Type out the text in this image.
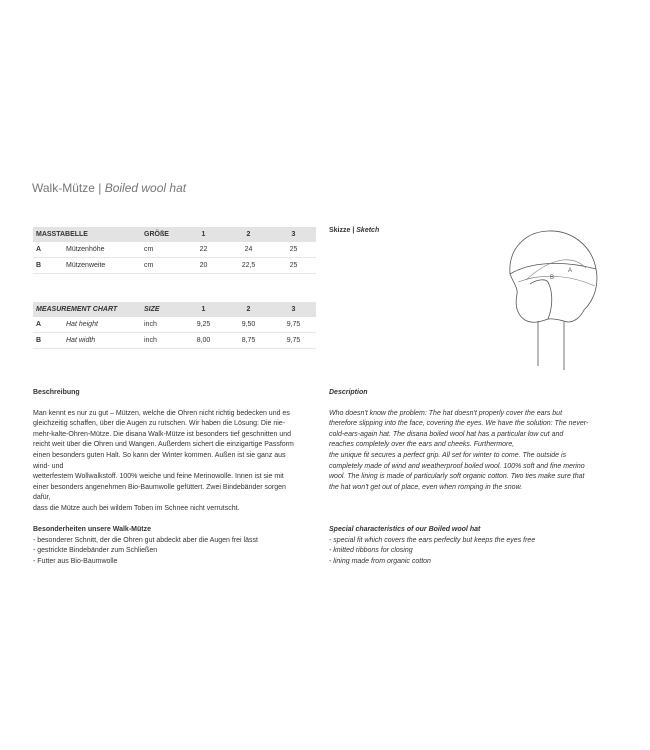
Walk-Mütze | Boiled wool hat
MASSTABELLE		GRÖßE	1	2	3
A	Mützenhöhe	cm	22	24	25
B	Mützenweite	cm	20	22,5	25
MEASUREMENT CHART		SIZE	1	2	3
A	Hat height	inch	9,25	9,50	9,75
B	Hat width	inch	8,00	8,75	9,75
Skizze | Sketch
A
B
Beschreibung
Man kennt es nur zu gut – Mützen, welche die Ohren nicht richtig bedecken und es
gleichzeitig schaffen, über die Augen zu rutschen. Wir haben die Lösung: Die nie-
mehr-kalte-Ohren-Mütze. Die disana Walk-Mütze ist besonders tief geschnitten und
reicht weit über die Ohren und Wangen. Außerdem sichert die einzigartige Passform
einen besonders guten Halt. So kann der Winter kommen. Außen ist sie ganz aus
wind- und
wetterfestem Wollwalkstoff. 100% weiche und feine Merinowolle. Innen ist sie mit
einer besonders angenehmen Bio-Baumwolle gefüttert. Zwei Bindebänder sorgen
dafür,
dass die Mütze auch bei wildem Toben im Schnee nicht verrutscht.
Besonderheiten unsere Walk-Mütze
- besonderer Schnitt, der die Ohren gut abdeckt aber die Augen frei lässt
- gestrickte Bindebänder zum Schließen
- Futter aus Bio-Baumwolle
Description
Who doesn't know the problem: The hat doesn't properly cover the ears but
therefore slipping into the face, covering the eyes. We have the solution: The never-
cold-ears-again hat. The disana boiled wool hat has a particular low cut and
reaches completely over the ears and cheeks. Furthermore,
the unique fit secures a perfect grip. All set for winter to come. The outside is
completely made of wind and weatherproof boiled wool. 100% soft and fine merino
wool. The lining is made of particularly soft organic cotton. Two ties make sure that
the hat won't get out of place, even when romping in the snow.
Special characteristics of our Boiled wool hat
- special fit which covers the ears perfeclty but keeps the eyes free
- knitted ribbons for closing
- lining made from organic cotton
